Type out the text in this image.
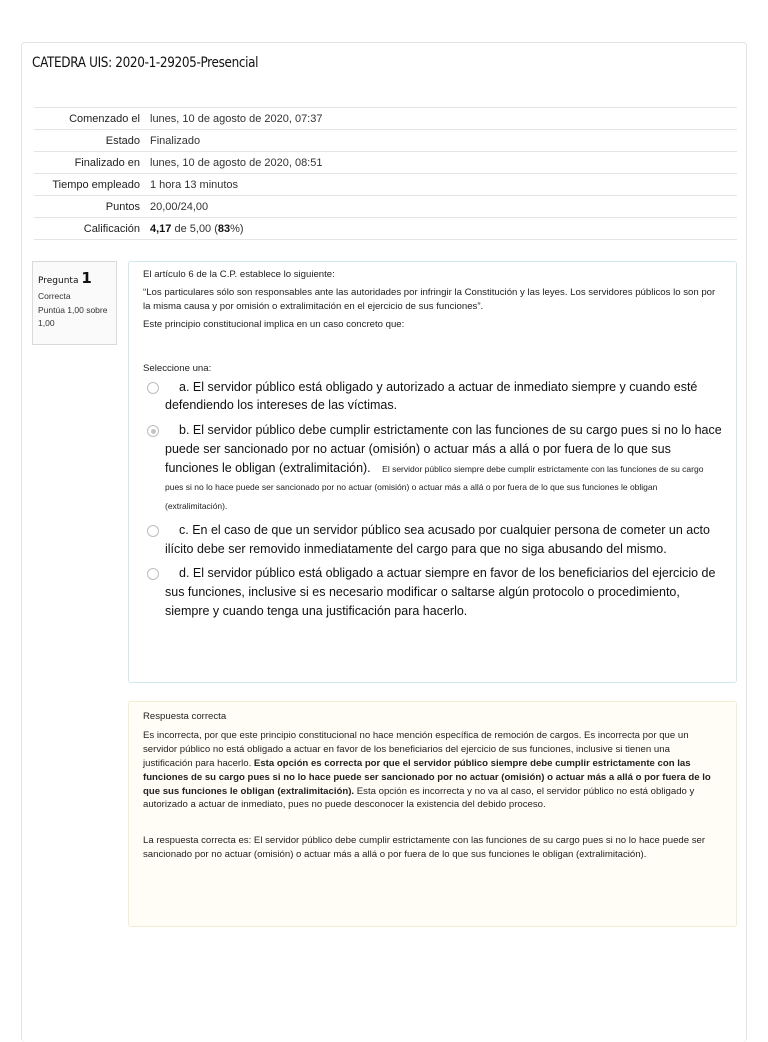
CATEDRA UIS: 2020-1-29205-Presencial
Comenzado el	lunes, 10 de agosto de 2020, 07:37
Estado	Finalizado
Finalizado en	lunes, 10 de agosto de 2020, 08:51
Tiempo empleado	1 hora 13 minutos
Puntos	20,00/24,00
Calificación	4,17 de 5,00 (83%)
Pregunta 1
Correcta
Puntúa 1,00 sobre 1,00

El artículo 6 de la C.P. establece lo siguiente:

“Los particulares sólo son responsables ante las autoridades por infringir la Constitución y las leyes. Los servidores públicos lo son por la misma causa y por omisión o extralimitación en el ejercicio de sus funciones”.

Este principio constitucional implica en un caso concreto que:

Seleccione una:
a. El servidor público está obligado y autorizado a actuar de inmediato siempre y cuando esté defendiendo los intereses de las víctimas.
b. El servidor público debe cumplir estrictamente con las funciones de su cargo pues si no lo hace puede ser sancionado por no actuar (omisión) o actuar más a allá o por fuera de lo que sus funciones le obligan (extralimitación). El servidor público siempre debe cumplir estrictamente con las funciones de su cargo pues si no lo hace puede ser sancionado por no actuar (omisión) o actuar más a allá o por fuera de lo que sus funciones le obligan (extralimitación).
c. En el caso de que un servidor público sea acusado por cualquier persona de cometer un acto ilícito debe ser removido inmediatamente del cargo para que no siga abusando del mismo.
d. El servidor público está obligado a actuar siempre en favor de los beneficiarios del ejercicio de sus funciones, inclusive si es necesario modificar o saltarse algún protocolo o procedimiento, siempre y cuando tenga una justificación para hacerlo.
Respuesta correcta
Es incorrecta, por que este principio constitucional no hace mención específica de remoción de cargos. Es incorrecta por que un servidor público no está obligado a actuar en favor de los beneficiarios del ejercicio de sus funciones, inclusive si tienen una justificación para hacerlo. Esta opción es correcta por que el servidor público siempre debe cumplir estrictamente con las funciones de su cargo pues si no lo hace puede ser sancionado por no actuar (omisión) o actuar más a allá o por fuera de lo que sus funciones le obligan (extralimitación). Esta opción es incorrecta y no va al caso, el servidor público no está obligado y autorizado a actuar de inmediato, pues no puede desconocer la existencia del debido proceso.
La respuesta correcta es: El servidor público debe cumplir estrictamente con las funciones de su cargo pues si no lo hace puede ser sancionado por no actuar (omisión) o actuar más a allá o por fuera de lo que sus funciones le obligan (extralimitación).
